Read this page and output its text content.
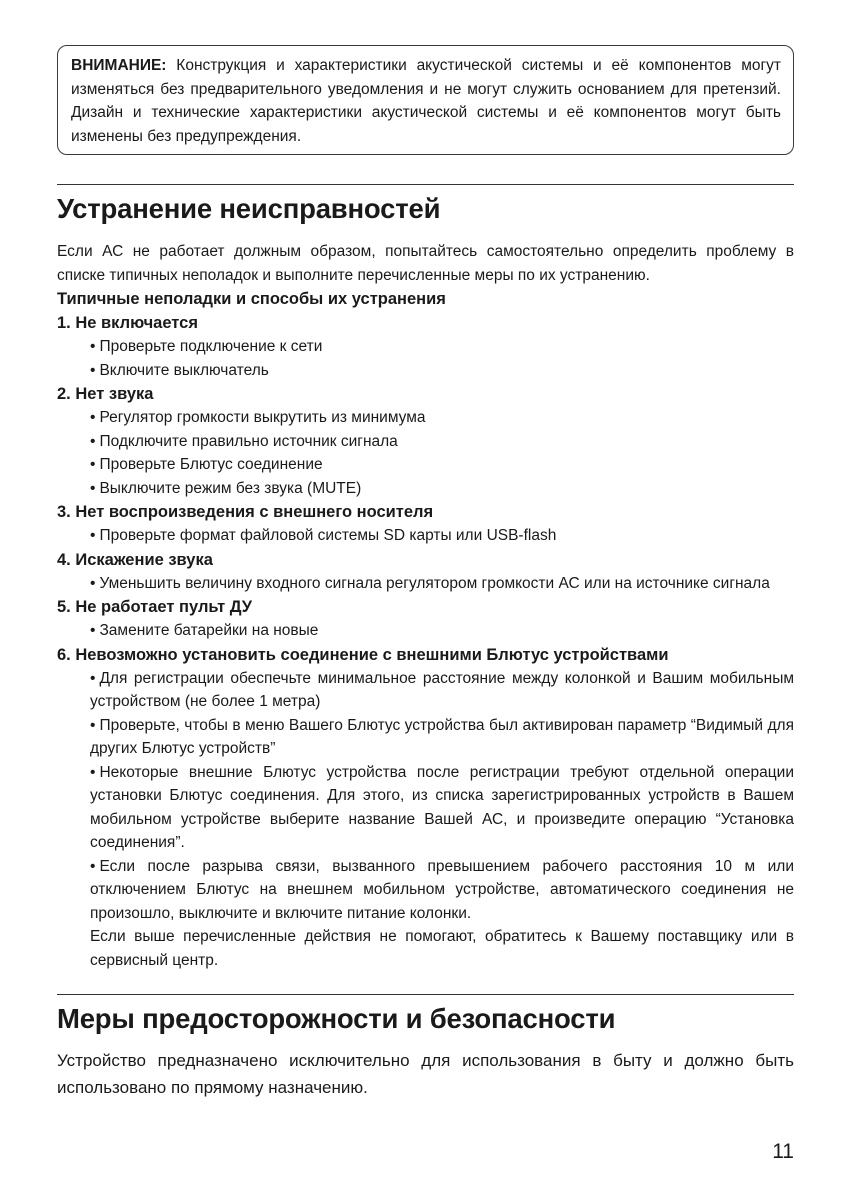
ВНИМАНИЕ: Конструкция и характеристики акустической системы и её компонентов могут изменяться без предварительного уведомления и не могут служить основанием для претензий. Дизайн и технические характеристики акустической системы и её компонентов могут быть изменены без предупреждения.
Устранение неисправностей
Если АС не работает должным образом, попытайтесь самостоятельно определить проблему в списке типичных неполадок и выполните перечисленные меры по их устранению.
Типичные неполадки и способы их устранения
1. Не включается
• Проверьте подключение к сети
• Включите выключатель
2. Нет звука
• Регулятор громкости выкрутить из минимума
• Подключите правильно источник сигнала
• Проверьте Блютус соединение
• Выключите режим без звука (MUTE)
3. Нет воспроизведения с внешнего носителя
• Проверьте формат файловой системы SD карты или USB-flash
4. Искажение звука
• Уменьшить величину входного сигнала регулятором громкости АС или на источнике сигнала
5. Не работает пульт ДУ
• Замените батарейки на новые
6. Невозможно установить соединение с внешними Блютус устройствами
• Для регистрации обеспечьте минимальное расстояние между колонкой и Вашим мобильным устройством (не более 1 метра)
• Проверьте, чтобы в меню Вашего Блютус устройства был активирован параметр “Видимый для других Блютус устройств”
• Некоторые внешние Блютус устройства после регистрации требуют отдельной операции установки Блютус соединения. Для этого, из списка зарегистрированных устройств в Вашем мобильном устройстве выберите название Вашей АС, и произведите операцию “Установка соединения”.
• Если после разрыва связи, вызванного превышением рабочего расстояния 10 м или отключением Блютус на внешнем мобильном устройстве, автоматического соединения не произошло, выключите и включите питание колонки.
Если выше перечисленные действия не помогают, обратитесь к Вашему поставщику или в сервисный центр.
Меры предосторожности и безопасности
Устройство предназначено исключительно для использования в быту и должно быть использовано по прямому назначению.
11
